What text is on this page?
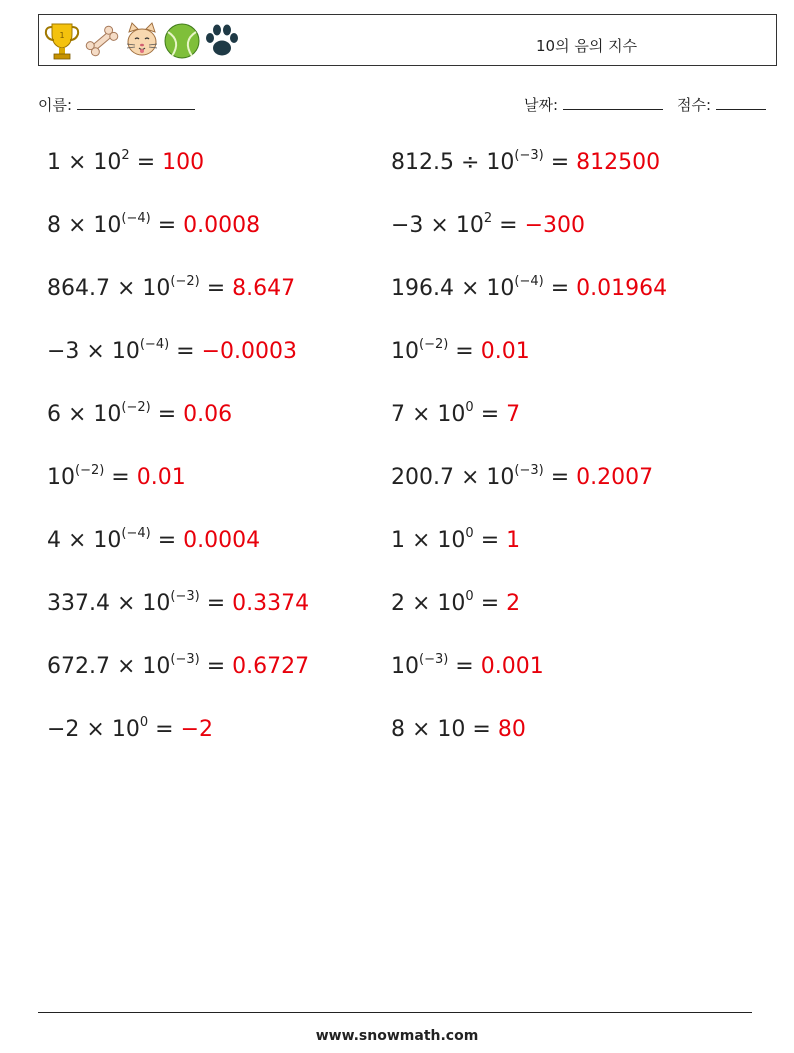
1
10의 음의 지수
이름:	날짜:	점수:
$1 \times 10^2 = 100$
$8 \times 10^{(-4)} = 0.0008$
$864.7 \times 10^{(-2)} = 8.647$
$-3 \times 10^{(-4)} = -0.0003$
$6 \times 10^{(-2)} = 0.06$
$10^{(-2)} = 0.01$
$4 \times 10^{(-4)} = 0.0004$
$337.4 \times 10^{(-3)} = 0.3374$
$672.7 \times 10^{(-3)} = 0.6727$
$-2 \times 10^0 = -2$
$812.5 \div 10^{(-3)} = 812500$
$-3 \times 10^2 = -300$
$196.4 \times 10^{(-4)} = 0.01964$
$10^{(-2)} = 0.01$
$7 \times 10^0 = 7$
$200.7 \times 10^{(-3)} = 0.2007$
$1 \times 10^0 = 1$
$2 \times 10^0 = 2$
$10^{(-3)} = 0.001$
8 × 10 = 80
www.snowmath.com
